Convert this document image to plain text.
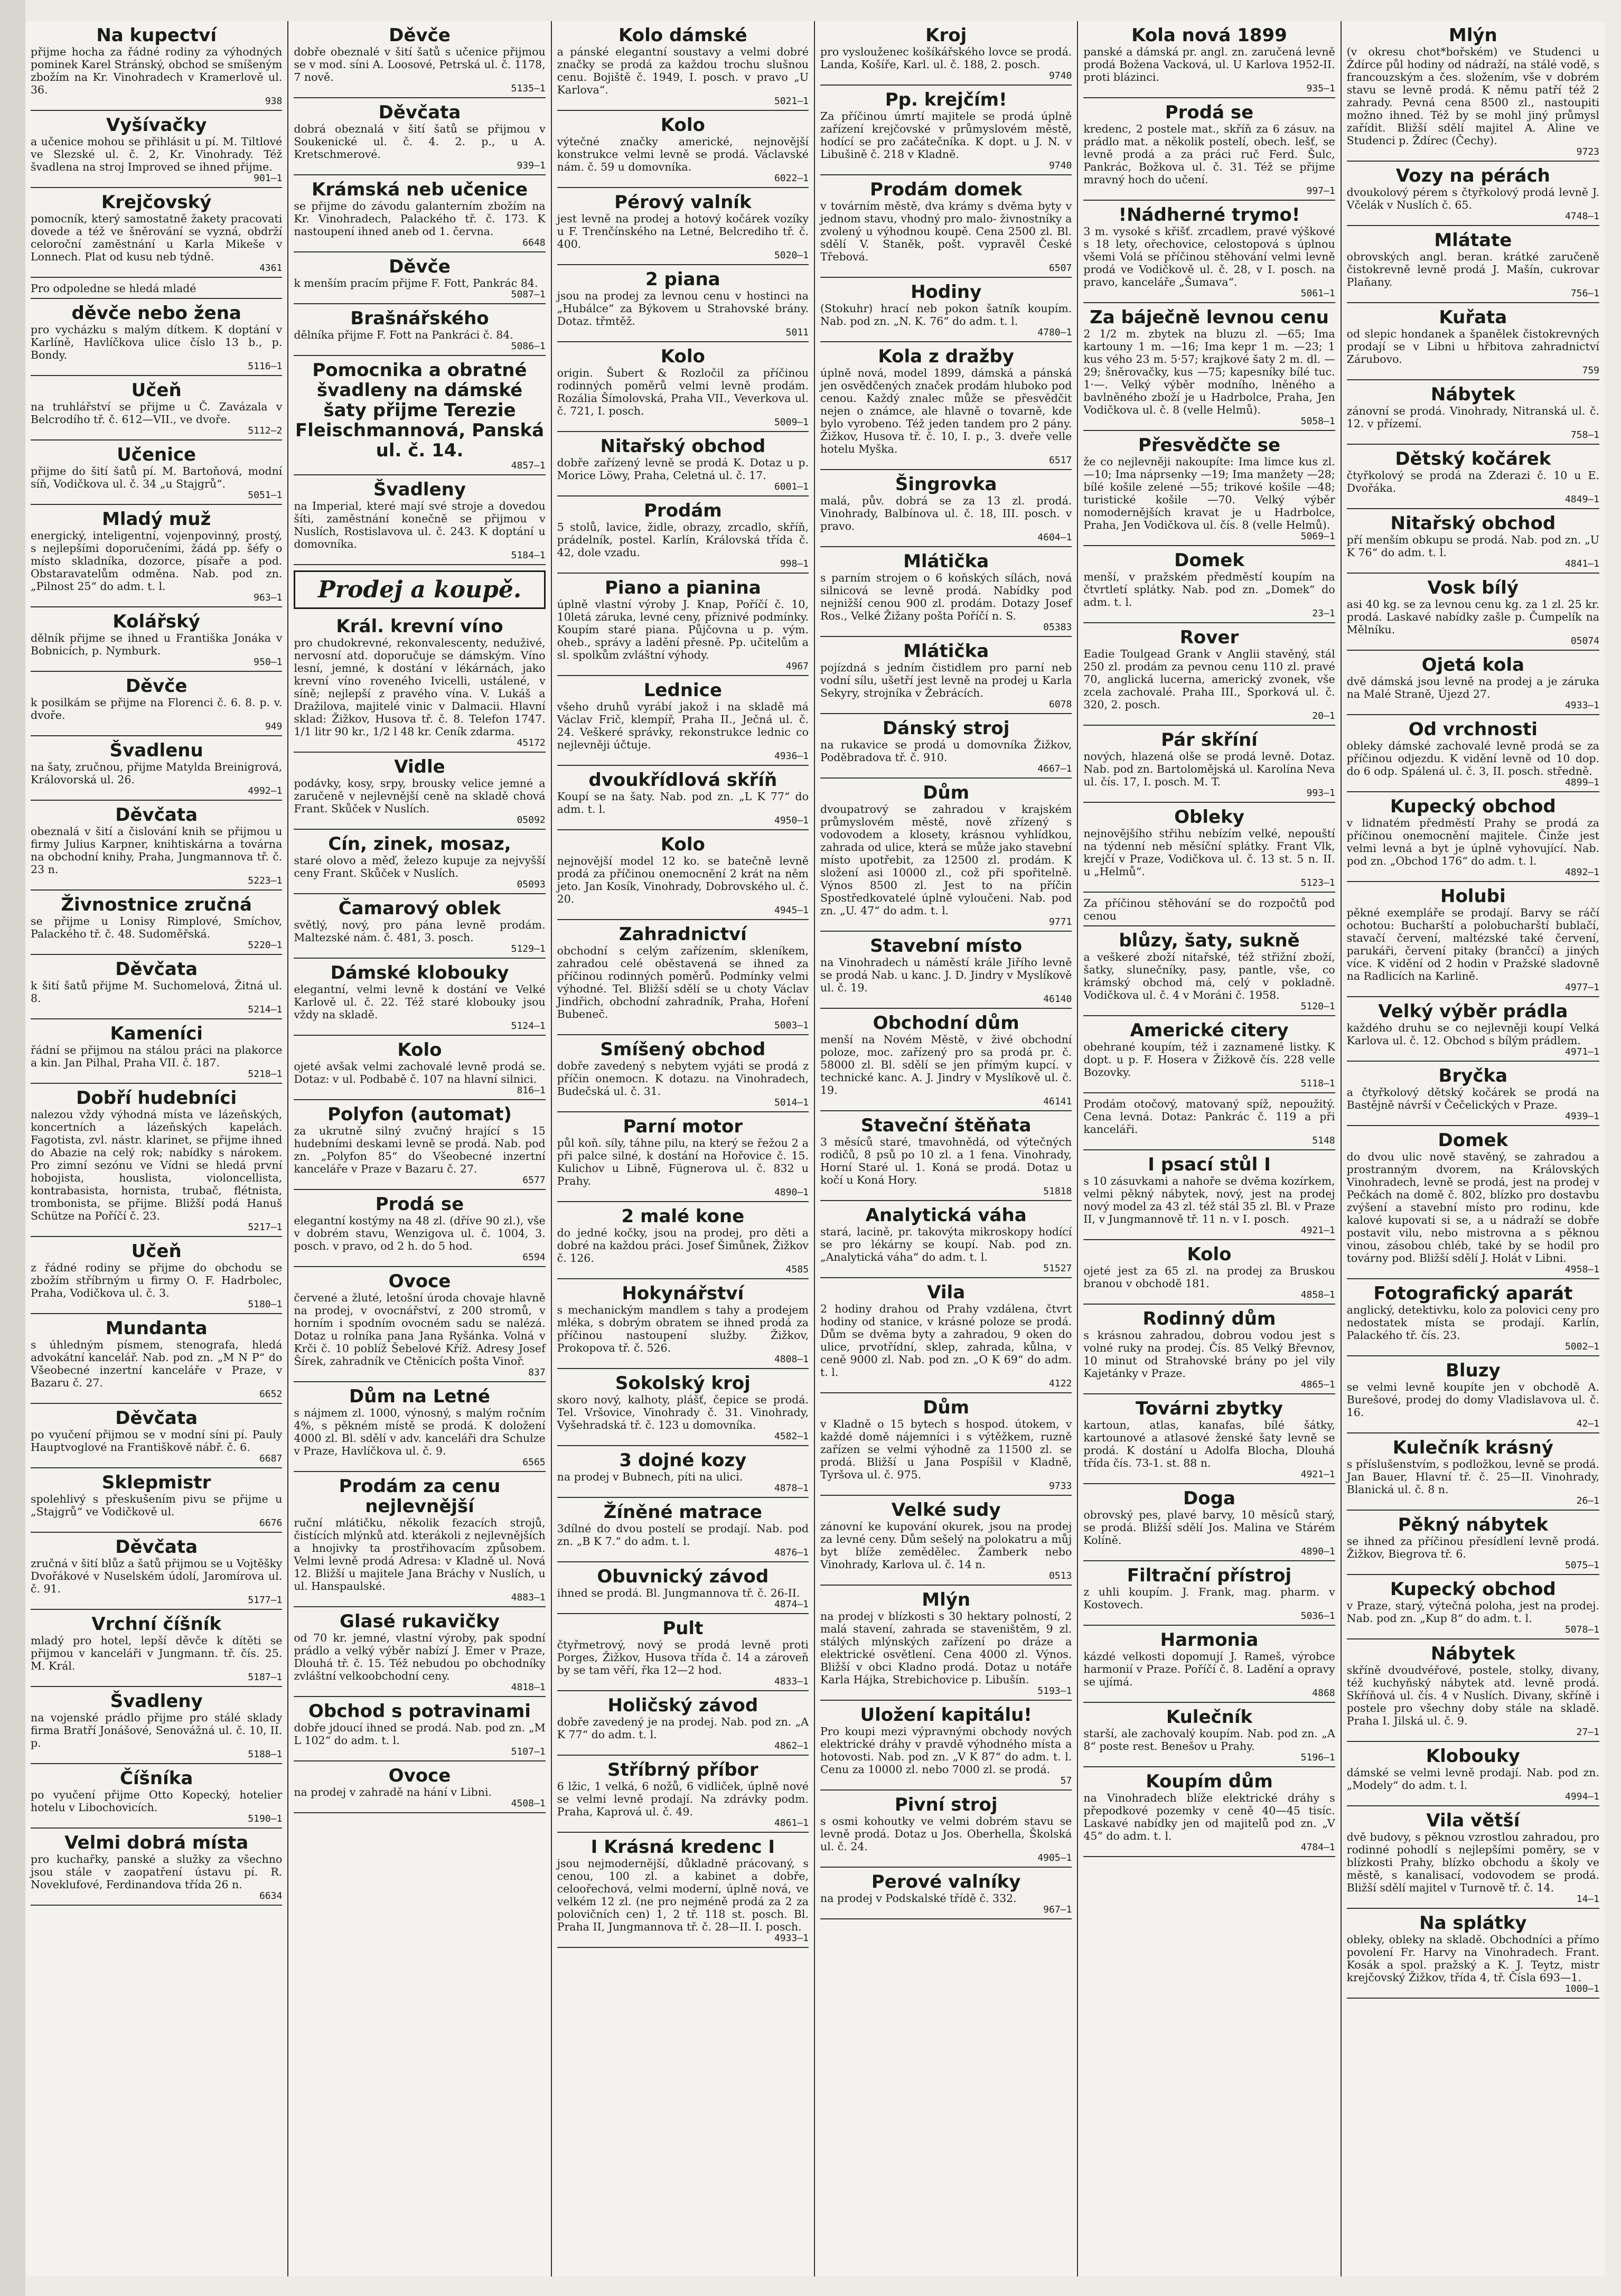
Na kupectví

přijme hocha za řádné rodiny za výhodných pominek Karel Stránský, obchod se smíšeným zbožím na Kr. Vinohradech v Kramerlově ul. 36.

938
Vyšívačky

a učenice mohou se přihlásit u pí. M. Tiltlové ve Slezské ul. č. 2, Kr. Vinohrady. Též švadlena na stroj Improved se ihned přijme.

901—1
Krejčovský

pomocník, který samostatně žakety pracovati dovede a též ve šněrování se vyzná, obdrží celoroční zaměstnání u Karla Mikeše v Lonnech. Plat od kusu neb týdně.

4361

Pro odpoledne se hledá mladé

děvče nebo žena

pro vycházku s malým dítkem. K doptání v Karlíně, Havlíčkova ulice číslo 13 b., p. Bondy.

5116—1
Učeň

na truhlářství se přijme u Č. Zavázala v Belcrodího tř. č. 612—VII., ve dvoře.

5112—2
Učenice

přijme do šití šatů pí. M. Bartoňová, modní síň, Vodičkova ul. č. 34 „u Stajgrů“.

5051—1
Mladý muž

energický, inteligentní, vojenpovinný, prostý, s nejlepšími doporučeními, žádá pp. šéfy o místo skladníka, dozorce, písaře a pod. Obstaravatelům odměna. Nab. pod zn. „Pilnost 25“ do adm. t. l.

963—1
Kolářský

dělník přijme se ihned u Františka Jonáka v Bobnicích, p. Nymburk.

950—1
Děvče

k posilkám se přijme na Florenci č. 6. 8. p. v. dvoře.

949
Švadlenu

na šaty, zručnou, přijme Matylda Breinigrová, Královorská ul. 26.

4992—1
Děvčata

obeznalá v šití a čislování knih se přijmou u firmy Julius Karpner, knihtiskárna a továrna na obchodní knihy, Praha, Jungmannova tř. č. 23 n.

5223—1
Živnostnice zručná

se přijme u Lonisy Rimplové, Smíchov, Palackého tř. č. 48. Sudoměřská.

5220—1
Děvčata

k šití šatů přijme M. Suchomelová, Žitná ul. 8.

5214—1
Kameníci

řádní se přijmou na stálou práci na plakorce a kin. Jan Pilhal, Praha VII. č. 187.

5218—1
Dobří hudebníci

nalezou vždy výhodná místa ve lázeňských, koncertních a lázeňských kapelách. Fagotista, zvl. nástr. klarinet, se přijme ihned do Abazie na celý rok; nabídky s nárokem. Pro zimní sezónu ve Vídni se hledá první hobojista, houslista, violoncellista, kontrabasista, hornista, trubač, flétnista, trombonista, se přijme. Bližší podá Hanuš Schütze na Poříčí č. 23.

5217—1
Učeň

z řádné rodiny se přijme do obchodu se zbožím stříbrným u firmy O. F. Hadrbolec, Praha, Vodičkova ul. č. 3.

5180—1
Mundanta

s úhledným písmem, stenografa, hledá advokátní kancelář. Nab. pod zn. „M N P“ do Všeobecné inzertní kanceláře v Praze, v Bazaru č. 27.

6652
Děvčata

po vyučení přijmou se v modní síni pí. Pauly Hauptvoglové na Františkově nábř. č. 6.

6687
Sklepmistr

spolehlivý s přeskušením pivu se přijme u „Stajgrů“ ve Vodičkově ul.

6676
Děvčata

zručná v šití blůz a šatů přijmou se u Vojtěšky Dvořákové v Nuselském údolí, Jaromírova ul. č. 91.

5177—1
Vrchní číšník

mladý pro hotel, lepší děvče k dítěti se přijmou v kanceláři v Jungmann. tř. čís. 25. M. Král.

5187—1
Švadleny

na vojenské prádlo přijme pro stálé sklady firma Bratří Jonášové, Senovážná ul. č. 10, II. p.

5188—1
Číšníka

po vyučení přijme Otto Kopecký, hotelier hotelu v Libochovicích.

5190—1
Velmi dobrá místa

pro kuchařky, panské a služky za všechno jsou stále v zaopatření ústavu pí. R. Noveklufové, Ferdinandova třída 26 n.

6634
Děvče

dobře obeznalé v šití šatů s učenice přijmou se v mod. síni A. Loosové, Petrská ul. č. 1178, 7 nově.

5135—1
Děvčata

dobrá obeznalá v šití šatů se přijmou v Soukenické ul. č. 4. 2. p., u A. Kretschmerové.

939—1
Krámská neb učenice

se přijme do závodu galanterním zbožím na Kr. Vinohradech, Palackého tř. č. 173. K nastoupení ihned aneb od 1. června.

6648
Děvče

k menším pracím přijme F. Fott, Pankrác 84.

5087—1
Brašnářského

dělníka přijme F. Fott na Pankráci č. 84.

5086—1
Pomocnika a obratné švadleny na dámské šaty přijme Terezie Fleischmannová, Panská ul. č. 14.
4857—1
Švadleny

na Imperial, které mají své stroje a dovedou šíti, zaměstnání konečně se přijmou v Nuslích, Rostislavova ul. č. 243. K doptání u domovníka.

5184—1
Prodej a koupě.
Král. krevní víno

pro chudokrevné, rekonvalescenty, neduživé, nervosní atd. doporučuje se dámským. Víno lesní, jemné, k dostání v lékárnách, jako krevní víno roveného Ivicelli, ustálené, v síně; nejlepší z pravého vína. V. Lukáš a Dražilova, majitelé vinic v Dalmacii. Hlavní sklad: Žižkov, Husova tř. č. 8. Telefon 1747. 1/1 litr 90 kr., 1/2 l 48 kr. Ceník zdarma.

45172
Vidle

podávky, kosy, srpy, brousky velice jemné a zaručeně v nejlevnější ceně na skladě chová Frant. Skůček v Nuslích.

05092
Cín, zinek, mosaz,

staré olovo a měď, železo kupuje za nejvyšší ceny Frant. Skůček v Nuslích.

05093
Čamarový oblek

světlý, nový, pro pána levně prodám. Maltezské nám. č. 481, 3. posch.

5129—1
Dámské klobouky

elegantní, velmi levně k dostání ve Velké Karlově ul. č. 22. Též staré klobouky jsou vždy na skladě.

5124—1
Kolo

ojeté avšak velmi zachovalé levně prodá se. Dotaz: v ul. Podbabě č. 107 na hlavní silnici.

816—1
Polyfon (automat)

za ukrutně silný zvučný hrající s 15 hudebními deskami levně se prodá. Nab. pod zn. „Polyfon 85“ do Všeobecné inzertní kanceláře v Praze v Bazaru č. 27.

6577
Prodá se

elegantní kostýmy na 48 zl. (dříve 90 zl.), vše v dobrém stavu, Wenzigova ul. č. 1004, 3. posch. v pravo, od 2 h. do 5 hod.

6594
Ovoce

červené a žluté, letošní úroda chovaje hlavně na prodej, v ovocnářství, z 200 stromů, v horním i spodním ovocném sadu se nalézá. Dotaz u rolníka pana Jana Ryšánka. Volná v Krči č. 10 poblíž Šebelové Kříž. Adresy Josef Šírek, zahradník ve Ctěnicích pošta Vinoř.

837
Dům na Letné

s nájmem zl. 1000, výnosný, s malým ročním 4%, s pěkném místě se prodá. K doložení 4000 zl. Bl. sdělí v adv. kanceláři dra Schulze v Praze, Havlíčkova ul. č. 9.

6565
Prodám za cenu nejlevnější

ruční mlátičku, několik fezacích strojů, čistících mlýnků atd. kterákoli z nejlevnějších a hnojivky ta prostřihovacím způsobem. Velmi levně prodá Adresa: v Kladně ul. Nová 12. Bližší u majitele Jana Bráchy v Nuslích, u ul. Hanspaulské.

4883—1
Glasé rukavičky

od 70 kr. jemné, vlastní výroby, pak spodní prádlo a velký výběr nabízí J. Emer v Praze, Dlouhá tř. č. 15. Též nebudou po obchodníky zvláštní velkoobchodní ceny.

4818—1
Obchod s potravinami

dobře jdoucí ihned se prodá. Nab. pod zn. „M L 102“ do adm. t. l.

5107—1
Ovoce

na prodej v zahradě na hání v Libni.

4508—1
Kolo dámské

a pánské elegantní soustavy a velmi dobré značky se prodá za každou trochu slušnou cenu. Bojiště č. 1949, I. posch. v pravo „U Karlova“.

5021—1
Kolo

výtečné značky americké, nejnovější konstrukce velmi levně se prodá. Václavské nám. č. 59 u domovníka.

6022—1
Pérový valník

jest levně na prodej a hotový kočárek vozíky u F. Trenčínského na Letné, Belcrediho tř. č. 400.

5020—1
2 piana

jsou na prodej za levnou cenu v hostinci na „Hubálce“ za Býkovem u Strahovské brány. Dotaz. třmtěž.

5011
Kolo

origin. Šubert & Rozločil za příčinou rodinných poměrů velmi levně prodám. Rozália Šímolovská, Praha VII., Veverkova ul. č. 721, I. posch.

5009—1
Nitařský obchod

dobře zařízený levně se prodá K. Dotaz u p. Morice Löwy, Praha, Celetná ul. č. 17.

6001—1
Prodám

5 stolů, lavice, židle, obrazy, zrcadlo, skříň, prádelník, postel. Karlín, Královská třída č. 42, dole vzadu.

998—1
Piano a pianina

úplně vlastní výroby J. Knap, Poříčí č. 10, 10letá záruka, levné ceny, příznivé podmínky. Koupím staré piana. Půjčovna u p. vým. oheb., správy a ladění přesně. Pp. učitelům a sl. spolkům zvláštní výhody.

4967
Lednice

všeho druhů vyrábí jakož i na skladě má Václav Frič, klempíř, Praha II., Ječná ul. č. 24. Veškeré správky, rekonstrukce lednic co nejlevněji účtuje.

4936—1
dvoukřídlová skříň

Koupí se na šaty. Nab. pod zn. „L K 77“ do adm. t. l.

4950—1
Kolo

nejnovější model 12 ko. se batečně levně prodá za příčinou onemocnění 2 krát na něm jeto. Jan Kosík, Vinohrady, Dobrovského ul. č. 20.

4945—1
Zahradnictví

obchodní s celým zařízením, skleníkem, zahradou celé oběstavená se ihned za příčinou rodinných poměrů. Podmínky velmi výhodné. Tel. Bližší sdělí se u choty Václav Jindřich, obchodní zahradník, Praha, Hoření Bubeneč.

5003—1
Smíšený obchod

dobře zavedený s nebytem vyjáti se prodá z příčin onemocn. K dotazu. na Vinohradech, Budečská ul. č. 31.

5014—1
Parní motor

půl koň. síly, táhne pilu, na který se řežou 2 a při palce silné, k dostání na Hořovice č. 15. Kulichov u Libně, Fügnerova ul. č. 832 u Prahy.

4890—1
2 malé kone

do jedné kočky, jsou na prodej, pro děti a dobré na každou práci. Josef Šimůnek, Žižkov č. 126.

4585
Hokynářství

s mechanickým mandlem s tahy a prodejem mléka, s dobrým obratem se ihned prodá za příčinou nastoupení služby. Žižkov, Prokopova tř. č. 526.

4808—1
Sokolský kroj

skoro nový, kalhoty, plášť, čepice se prodá. Tel. Vršovice, Vinohrady č. 31. Vinohrady, Vyšehradská tř. č. 123 u domovníka.

4582—1
3 dojné kozy

na prodej v Bubnech, píti na ulici.

4878—1
Žíněné matrace

3dílné do dvou postelí se prodají. Nab. pod zn. „B K 7.“ do adm. t. l.

4876—1
Obuvnický závod

ihned se prodá. Bl. Jungmannova tř. č. 26-II.

4874—1
Pult

čtyřmetrový, nový se prodá levně proti Porges, Žižkov, Husova třída č. 14 a zároveň by se tam věří, řka 12—2 hod.

4833—1
Holičský závod

dobře zavedený je na prodej. Nab. pod zn. „A K 77“ do adm. t. l.

4862—1
Stříbrný příbor

6 lžic, 1 velká, 6 nožů, 6 vidliček, úplně nové se velmi levně prodají. Na zdrávky podm. Praha, Kaprová ul. č. 49.

4861—1
I Krásná kredenc I

jsou nejmodernější, důkladně prácovaný, s cenou, 100 zl. a kabinet a dobře, celoořechová, velmi moderní, úplně nová, ve velkém 12 zl. (ne pro nejméně prodá za 2 za polovičních cen) 1, 2 tř. 118 st. posch. Bl. Praha II, Jungmannova tř. č. 28—II. I. posch.

4933—1
Kroj

pro vyslouženec košíkářského lovce se prodá. Landa, Košíře, Karl. ul. č. 188, 2. posch.

9740
Pp. krejčím!

Za příčinou úmrtí majitele se prodá úplně zařízení krejčovské v průmyslovém městě, hodící se pro začátečníka. K dopt. u J. N. v Libušině č. 218 v Kladně.

9740
Prodám domek

v továrním městě, dva krámy s dvěma byty v jednom stavu, vhodný pro malo- živnostníky a zvolený u výhodnou koupě. Cena 2500 zl. Bl. sdělí V. Staněk, pošt. vypravěl České Třebová.

6507
Hodiny

(Stokuhr) hrací neb pokon šatník koupím. Nab. pod zn. „N. K. 76“ do adm. t. l.

4780—1
Kola z dražby

úplně nová, model 1899, dámská a pánská jen osvědčených značek prodám hluboko pod cenou. Každý znalec může se přesvědčit nejen o známce, ale hlavně o tovarně, kde bylo vyrobeno. Též jeden tandem pro 2 pány. Žižkov, Husova tř. č. 10, I. p., 3. dveře velle hotelu Myška.

6517
Šingrovka

malá, pův. dobrá se za 13 zl. prodá. Vinohrady, Balbínova ul. č. 18, III. posch. v pravo.

4604—1
Mlátička

s parním strojem o 6 koňských sílách, nová silnicová se levně prodá. Nabídky pod nejnižší cenou 900 zl. prodám. Dotazy Josef Ros., Velké Žižany pošta Poříčí n. S.

05383
Mlátička

pojízdná s jedním čistidlem pro parní neb vodní sílu, ušetří jest levně na prodej u Karla Sekyry, strojníka v Žebrácích.

6078
Dánský stroj

na rukavice se prodá u domovníka Žižkov, Poděbradova tř. č. 910.

4667—1
Dům

dvoupatrový se zahradou v krajském průmyslovém městě, nově zřízený s vodovodem a klosety, krásnou vyhlídkou, zahrada od ulice, která se může jako stavební místo upotřebit, za 12500 zl. prodám. K složení asi 10000 zl., což při spořitelně. Výnos 8500 zl. Jest to na příčin Spostředkovatelé úplně vyloučeni. Nab. pod zn. „U. 47“ do adm. t. l.

9771
Stavební místo

na Vinohradech u náměstí krále Jiřího levně se prodá Nab. u kanc. J. D. Jindry v Myslíkově ul. č. 19.

46140
Obchodní dům

menší na Novém Městě, v živé obchodní poloze, moc. zařízený pro sa prodá pr. č. 58000 zl. Bl. sdělí se jen přímým kupcí. v technické kanc. A. J. Jindry v Myslíkově ul. č. 19.

46141
Staveční štěňata

3 měsíců staré, tmavohnědá, od výtečných rodičů, 8 psů po 10 zl. a 1 fena. Vinohrady, Horní Staré ul. 1. Koná se prodá. Dotaz u kočí u Koná Hory.

51818
Analytická váha

stará, lacině, pr. takovýta mikroskopy hodící se pro lékárny se koupí. Nab. pod zn. „Analytická váha“ do adm. t. l.

51527
Vila

2 hodiny drahou od Prahy vzdálena, čtvrt hodiny od stanice, v krásné poloze se prodá. Dům se dvěma byty a zahradou, 9 oken do ulice, prvotřídní, sklep, zahrada, kůlna, v ceně 9000 zl. Nab. pod zn. „O K 69“ do adm. t. l.

4122
Dům

v Kladně o 15 bytech s hospod. útokem, v každé domě nájemníci i s výtěžkem, ruzně zařízen se velmi výhodně za 11500 zl. se prodá. Bližší u Jana Pospíšil v Kladně, Tyršova ul. č. 975.

9733
Velké sudy

zánovní ke kupování okurek, jsou na prodej za levné ceny. Dům sešelý na polokatru a můj byt blíže zemědělec. Žamberk nebo Vinohrady, Karlova ul. č. 14 n.

0513
Mlýn

na prodej v blízkosti s 30 hektary polností, 2 malá stavení, zahrada se staveništěm, 9 zl. stálých mlýnských zařízení po dráze a elektrické osvětlení. Cena 4000 zl. Výnos. Bližší v obci Kladno prodá. Dotaz u notáře Karla Hájka, Strebichovice p. Libušín.

5193—1
Uložení kapitálu!

Pro koupi mezi výpravnými obchody nových elektrické dráhy v pravdě výhodného místa a hotovosti. Nab. pod zn. „V K 87“ do adm. t. l. Cenu za 10000 zl. nebo 7000 zl. se prodá.

57
Pivní stroj

s osmi kohoutky ve velmi dobrém stavu se levně prodá. Dotaz u Jos. Oberhella, Školská ul. č. 24.

4905—1
Perové valníky

na prodej v Podskalské třídě č. 332.

967—1
Kola nová 1899

panské a dámská pr. angl. zn. zaručená levně prodá Božena Vacková, ul. U Karlova 1952-II. proti blázinci.

935—1
Prodá se

kredenc, 2 postele mat., skříň za 6 zásuv. na prádlo mat. a několik postelí, obech. lešť, se levně prodá a za práci ruč Ferd. Šulc, Pankrác, Božkova ul. č. 31. Též se přijme mravný hoch do učení.

997—1
!Nádherné trymo!

3 m. vysoké s křišť. zrcadlem, pravé výškové s 18 lety, ořechovice, celostopová s úplnou všemi Volá se příčinou stěhování velmi levně prodá ve Vodičkově ul. č. 28, v I. posch. na pravo, kanceláře „Šumava“.

5061—1
Za báječně levnou cenu

2 1/2 m. zbytek na bluzu zl. —65; Ima kartouny 1 m. —16; Ima kepr 1 m. —23; 1 kus vého 23 m. 5·57; krajkové šaty 2 m. dl. —29; šněrovačky, kus —75; kapesníky bílé tuc. 1·—. Velký výběr modního, lněného a bavlněného zboží je u Hadrbolce, Praha, Jen Vodičkova ul. č. 8 (velle Helmů).

5058—1
Přesvědčte se

že co nejlevněji nakoupíte: Ima limce kus zl. —10; Ima náprsenky —19; Ima manžety —28; bílé košile zelené —55; trikové košile —48; turistické košile —70. Velký výběr nomodernějších kravat je u Hadrbolce, Praha, Jen Vodičkova ul. čís. 8 (velle Helmů).

5069—1
Domek

menší, v pražském předměstí koupím na čtvrtletí splátky. Nab. pod zn. „Domek“ do adm. t. l.

23—1
Rover

Eadie Toulgead Grank v Anglii stavěný, stál 250 zl. prodám za pevnou cenu 110 zl. pravé 70, anglická lucerna, americký zvonek, vše zcela zachovalé. Praha III., Sporková ul. č. 320, 2. posch.

20—1
Pár skříní

nových, hlazená olše se prodá levně. Dotaz. Nab. pod zn. Bartolomějská ul. Karolína Neva ul. čís. 17, I. posch. M. T.

993—1
Obleky

nejnovějšího střihu nebízím velké, nepouští na týdenní neb měsíční splátky. Frant Vlk, krejčí v Praze, Vodičkova ul. č. 13 st. 5 n. II. u „Helmů“.

5123—1

Za příčinou stěhování se do rozpočtů pod cenou

blůzy, šaty, sukně

a veškeré zboží nitařské, též střižní zboží, šatky, slunečníky, pasy, pantle, vše, co krámský obchod má, celý v pokladně. Vodičkova ul. č. 4 v Moráni č. 1958.

5120—1
Americké citery

obehrané koupím, též i zaznamené listky. K dopt. u p. F. Hosera v Žižkově čís. 228 velle Bozovky.

5118—1

Prodám otočový, matovaný spíž, nepoužitý. Cena levná. Dotaz: Pankrác č. 119 a při kanceláři.

5148
I psací stůl I

s 10 zásuvkami a nahoře se dvěma kozírkem, velmi pěkný nábytek, nový, jest na prodej nový model za 43 zl. též stál 35 zl. Bl. v Praze II, v Jungmannově tř. 11 n. v I. posch.

4921—1
Kolo

ojeté jest za 65 zl. na prodej za Bruskou branou v obchodě 181.

4858—1
Rodinný dům

s krásnou zahradou, dobrou vodou jest s volné ruky na prodej. Čís. 85 Velký Břevnov, 10 minut od Strahovské brány po jel vily Kajetánky v Praze.

4865—1
Továrni zbytky

kartoun, atlas, kanafas, bílé šátky, kartounové a atlasové ženské šaty levně se prodá. K dostání u Adolfa Blocha, Dlouhá třída čís. 73-1. st. 88 n.

4921—1
Doga

obrovský pes, plavé barvy, 10 měsíců starý, se prodá. Bližší sdělí Jos. Malina ve Stárém Kolíně.

4890—1
Filtrační přístroj

z uhli koupím. J. Frank, mag. pharm. v Kostovech.

5036—1
Harmonia

kázdé velkosti dopomují J. Rameš, výrobce harmonií v Praze. Poříčí č. 8. Ladění a opravy se ujímá.

4868
Kulečník

starší, ale zachovalý koupím. Nab. pod zn. „A 8“ poste rest. Benešov u Prahy.

5196—1
Koupím dům

na Vinohradech blíže elektrické dráhy s přepodkové pozemky v ceně 40—45 tisíc. Laskavé nabídky jen od majitelů pod zn. „V 45“ do adm. t. l.

4784—1
Mlýn

(v okresu chot*bořském) ve Studenci u Ždírce půl hodiny od nádraží, na stálé vodě, s francouzským a čes. složením, vše v dobrém stavu se levně prodá. K němu patří též 2 zahrady. Pevná cena 8500 zl., nastoupiti možno ihned. Též by se mohl jiný průmysl zařídit. Bližší sdělí majitel A. Aline ve Studenci p. Ždírec (Čechy).

9723
Vozy na pérách

dvoukolový pérem s čtyřkolový prodá levně J. Včelák v Nuslích č. 65.

4748—1
Mlátate

obrovských angl. beran. krátké zaručeně čistokrevně levně prodá J. Mašín, cukrovar Plaňany.

756—1
Kuřata

od slepic hondanek a španělek čistokrevných prodají se v Libni u hřbitova zahradnictví Zárubovo.

759
Nábytek

zánovní se prodá. Vinohrady, Nitranská ul. č. 12. v přízemí.

758—1
Dětský kočárek

čtyřkolový se prodá na Zderazi č. 10 u E. Dvořáka.

4849—1
Nitařský obchod

pří menším obkupu se prodá. Nab. pod zn. „U K 76“ do adm. t. l.

4841—1
Vosk bílý

asi 40 kg. se za levnou cenu kg. za 1 zl. 25 kr. prodá. Laskavé nabídky zašle p. Čumpelík na Mělníku.

05074
Ojetá kola

dvě dámská jsou levně na prodej a je záruka na Malé Straně, Újezd 27.

4933—1
Od vrchnosti

obleky dámské zachovalé levně prodá se za příčinou odjezdu. K vidění levně od 10 dop. do 6 odp. Spálená ul. č. 3, II. posch. středně.

4899—1
Kupecký obchod

v lidnatém předměstí Prahy se prodá za příčinou onemocnění majitele. Činže jest velmi levná a byt je úplně vyhovující. Nab. pod zn. „Obchod 176“ do adm. t. l.

4892—1
Holubi

pěkné exempláře se prodají. Barvy se ráčí ochotou: Bucharští a polobucharští bublačí, stavačí červení, maltézské také červení, parukáři, červení pitaky (brančcí) a jiných více. K vidění od 2 hodin v Pražské sladovně na Radlicích na Karlině.

4977—1
Velký výběr prádla

každého druhu se co nejlevněji koupí Velká Karlova ul. č. 12. Obchod s bílým prádlem.

4971—1
Bryčka

a čtyřkolový dětský kočárek se prodá na Bastějně návrší v Čečelických v Praze.

4939—1
Domek

do dvou ulic nově stavěný, se zahradou a prostranným dvorem, na Královských Vinohradech, levně se prodá, jest na prodej v Pečkách na domě č. 802, blízko pro dostavbu zvýšení a stavební místo pro rodinu, kde kalové kupovati si se, a u nádraží se dobře postavit vilu, nebo mistrovna a s pěknou vinou, zásobou chléb, také by se hodil pro továrny pod. Bližší sdělí J. Holát v Libni.

4958—1
Fotografický aparát

anglický, detektivku, kolo za polovici ceny pro nedostatek místa se prodají. Karlín, Palackého tř. čís. 23.

5002—1
Bluzy

se velmi levně koupíte jen v obchodě A. Burešové, prodej do domy Vladislavova ul. č. 16.

42—1
Kulečník krásný

s příslušenstvím, s podložkou, levně se prodá. Jan Bauer, Hlavní tř. č. 25—II. Vinohrady, Blanická ul. č. 8 n.

26—1
Pěkný nábytek

se ihned za příčinou přesídlení levně prodá. Žižkov, Biegrova tř. 6.

5075—1
Kupecký obchod

v Praze, starý, výtečná poloha, jest na prodej. Nab. pod zn. „Kup 8“ do adm. t. l.

5078—1
Nábytek

skříně dvoudvéřové, postele, stolky, divany, též kuchyňský nábytek atd. levně prodá. Skříňová ul. čís. 4 v Nuslích. Divany, skříně i postele pro všechny doby stále na skladě. Praha I. Jilská ul. č. 9.

27—1
Klobouky

dámské se velmi levně prodají. Nab. pod zn. „Modely“ do adm. t. l.

4994—1
Vila větší

dvě budovy, s pěknou vzrostlou zahradou, pro rodinné pohodlí s nejlepšími poměry, se v blízkosti Prahy, blízko obchodu a školy ve městě, s kanalisací, vodovodem se prodá. Bližší sdělí majitel v Turnově tř. č. 14.

14—1
Na splátky

obleky, obleky na skladě. Obchodníci a přímo povolení Fr. Harvy na Vinohradech. Frant. Kosák a spol. pražský a K. J. Teytz, mistr krejčovský Žižkov, třída 4, tř. Čísla 693—1.

1000—1
